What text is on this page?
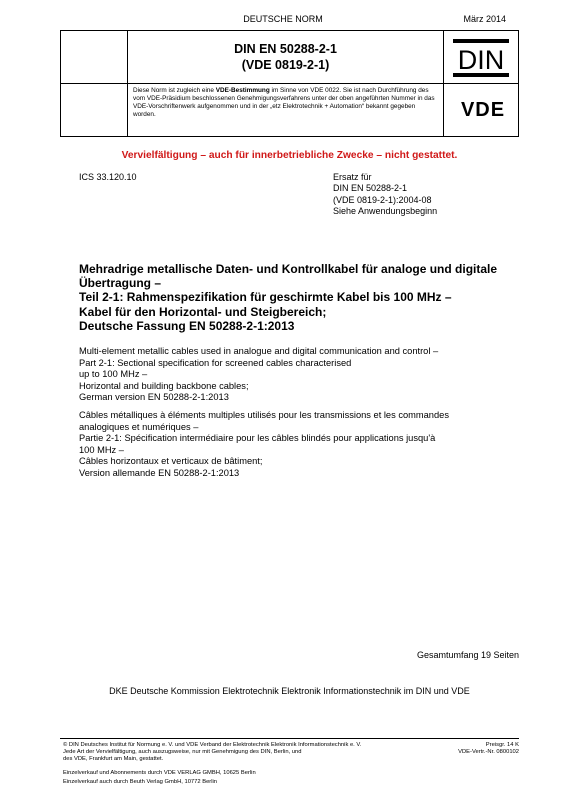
DEUTSCHE NORM	März 2014
DIN EN 50288-2-1
(VDE 0819-2-1)	DIN
Diese Norm ist zugleich eine VDE-Bestimmung im Sinne von VDE 0022. Sie ist nach Durchführung des vom VDE-Präsidium beschlossenen Genehmigungsverfahrens unter der oben angeführten Nummer in das VDE-Vorschriftenwerk aufgenommen und in der „etz Elektrotechnik + Automation“ bekannt gegeben worden.	VDE
Vervielfältigung – auch für innerbetriebliche Zwecke – nicht gestattet.
ICS 33.120.10	Ersatz für
DIN EN 50288-2-1
(VDE 0819-2-1):2004-08
Siehe Anwendungsbeginn
Mehradrige metallische Daten- und Kontrollkabel für analoge und digitale
Übertragung –
Teil 2-1: Rahmenspezifikation für geschirmte Kabel bis 100 MHz –
Kabel für den Horizontal- und Steigbereich;
Deutsche Fassung EN 50288-2-1:2013
Multi-element metallic cables used in analogue and digital communication and control –
Part 2-1: Sectional specification for screened cables characterised
up to 100 MHz –
Horizontal and building backbone cables;
German version EN 50288-2-1:2013
Câbles métalliques à éléments multiples utilisés pour les transmissions et les commandes
analogiques et numériques –
Partie 2-1: Spécification intermédiaire pour les câbles blindés pour applications jusqu'à
100 MHz –
Câbles horizontaux et verticaux de bâtiment;
Version allemande EN 50288-2-1:2013
Gesamtumfang 19 Seiten
DKE Deutsche Kommission Elektrotechnik Elektronik Informationstechnik im DIN und VDE
© DIN Deutsches Institut für Normung e. V. und VDE Verband der Elektrotechnik Elektronik Informationstechnik e. V.
Jede Art der Vervielfältigung, auch auszugsweise, nur mit Genehmigung des DIN, Berlin, und
des VDE, Frankfurt am Main, gestattet.
Preisgr. 14 K
VDE-Vertr.-Nr. 0800102
Einzelverkauf und Abonnements durch VDE VERLAG GMBH, 10625 Berlin
Einzelverkauf auch durch Beuth Verlag GmbH, 10772 Berlin
